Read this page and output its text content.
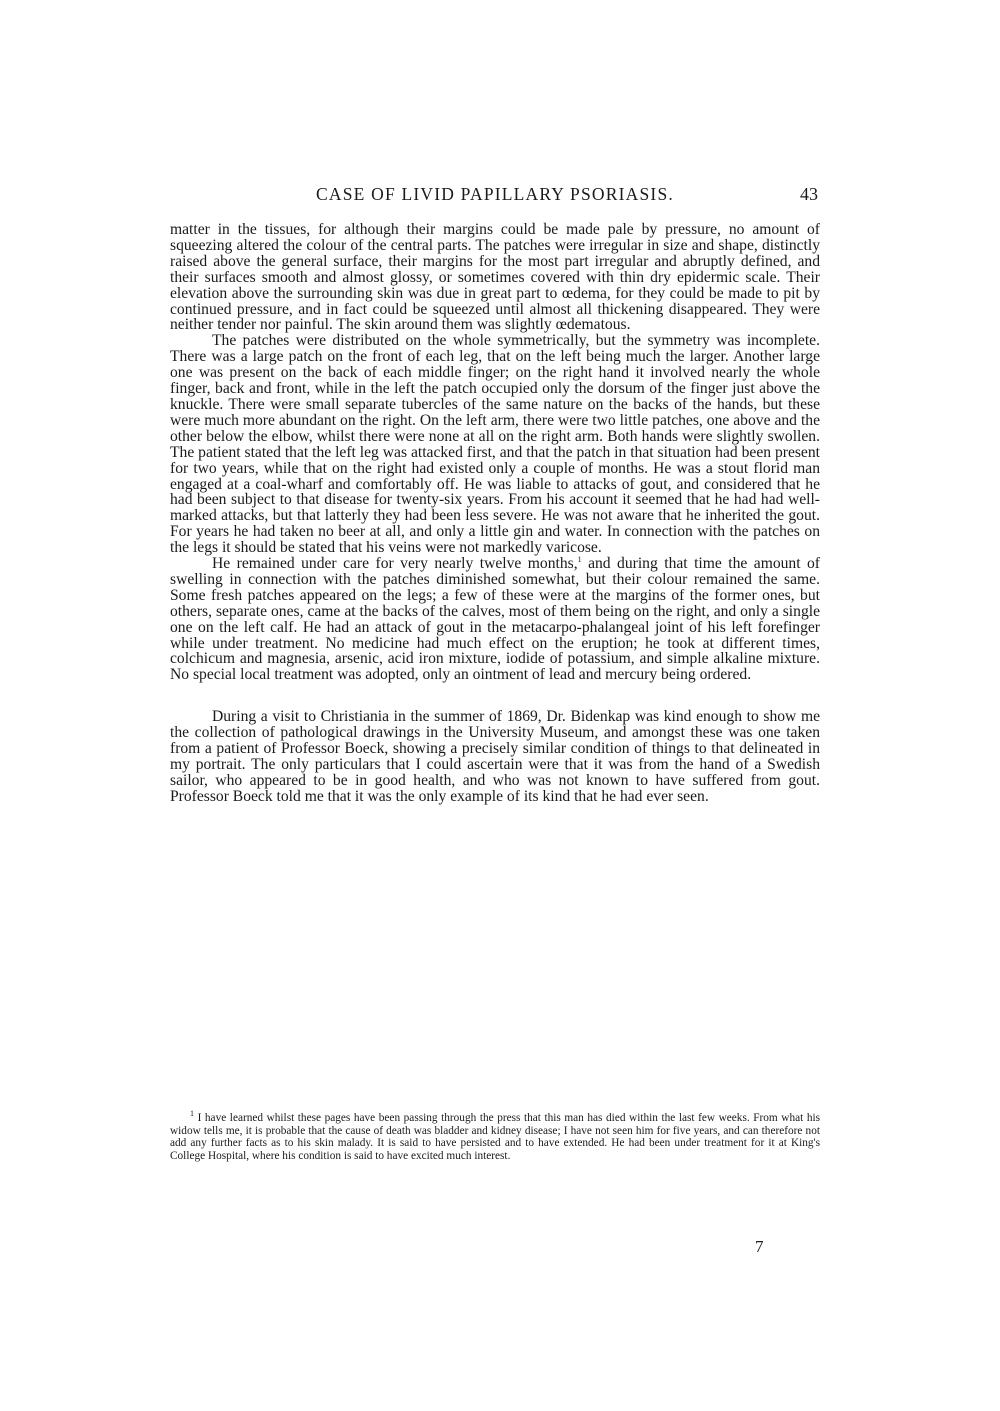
CASE OF LIVID PAPILLARY PSORIASIS.	43

matter in the tissues, for although their margins could be made pale by pressure, no amount of squeezing altered the colour of the central parts. The patches were irregular in size and shape, distinctly raised above the general surface, their margins for the most part irregular and abruptly defined, and their surfaces smooth and almost glossy, or sometimes covered with thin dry epidermic scale. Their elevation above the surrounding skin was due in great part to œdema, for they could be made to pit by continued pressure, and in fact could be squeezed until almost all thickening disappeared. They were neither tender nor painful. The skin around them was slightly œdematous.

The patches were distributed on the whole symmetrically, but the symmetry was incomplete. There was a large patch on the front of each leg, that on the left being much the larger. Another large one was present on the back of each middle finger; on the right hand it involved nearly the whole finger, back and front, while in the left the patch occupied only the dorsum of the finger just above the knuckle. There were small separate tubercles of the same nature on the backs of the hands, but these were much more abundant on the right. On the left arm, there were two little patches, one above and the other below the elbow, whilst there were none at all on the right arm. Both hands were slightly swollen. The patient stated that the left leg was attacked first, and that the patch in that situation had been present for two years, while that on the right had existed only a couple of months. He was a stout florid man engaged at a coal-wharf and comfortably off. He was liable to attacks of gout, and considered that he had been subject to that disease for twenty-six years. From his account it seemed that he had had well-marked attacks, but that latterly they had been less severe. He was not aware that he inherited the gout. For years he had taken no beer at all, and only a little gin and water. In connection with the patches on the legs it should be stated that his veins were not markedly varicose.

He remained under care for very nearly twelve months,$^1$ and during that time the amount of swelling in connection with the patches diminished somewhat, but their colour remained the same. Some fresh patches appeared on the legs; a few of these were at the margins of the former ones, but others, separate ones, came at the backs of the calves, most of them being on the right, and only a single one on the left calf. He had an attack of gout in the metacarpo-phalangeal joint of his left forefinger while under treatment. No medicine had much effect on the eruption; he took at different times, colchicum and magnesia, arsenic, acid iron mixture, iodide of potassium, and simple alkaline mixture. No special local treatment was adopted, only an ointment of lead and mercury being ordered.

During a visit to Christiania in the summer of 1869, Dr. Bidenkap was kind enough to show me the collection of pathological drawings in the University Museum, and amongst these was one taken from a patient of Professor Boeck, showing a precisely similar condition of things to that delineated in my portrait. The only particulars that I could ascertain were that it was from the hand of a Swedish sailor, who appeared to be in good health, and who was not known to have suffered from gout. Professor Boeck told me that it was the only example of its kind that he had ever seen.

$^1$ I have learned whilst these pages have been passing through the press that this man has died within the last few weeks. From what his widow tells me, it is probable that the cause of death was bladder and kidney disease; I have not seen him for five years, and can therefore not add any further facts as to his skin malady. It is said to have persisted and to have extended. He had been under treatment for it at King's College Hospital, where his condition is said to have excited much interest.

7
